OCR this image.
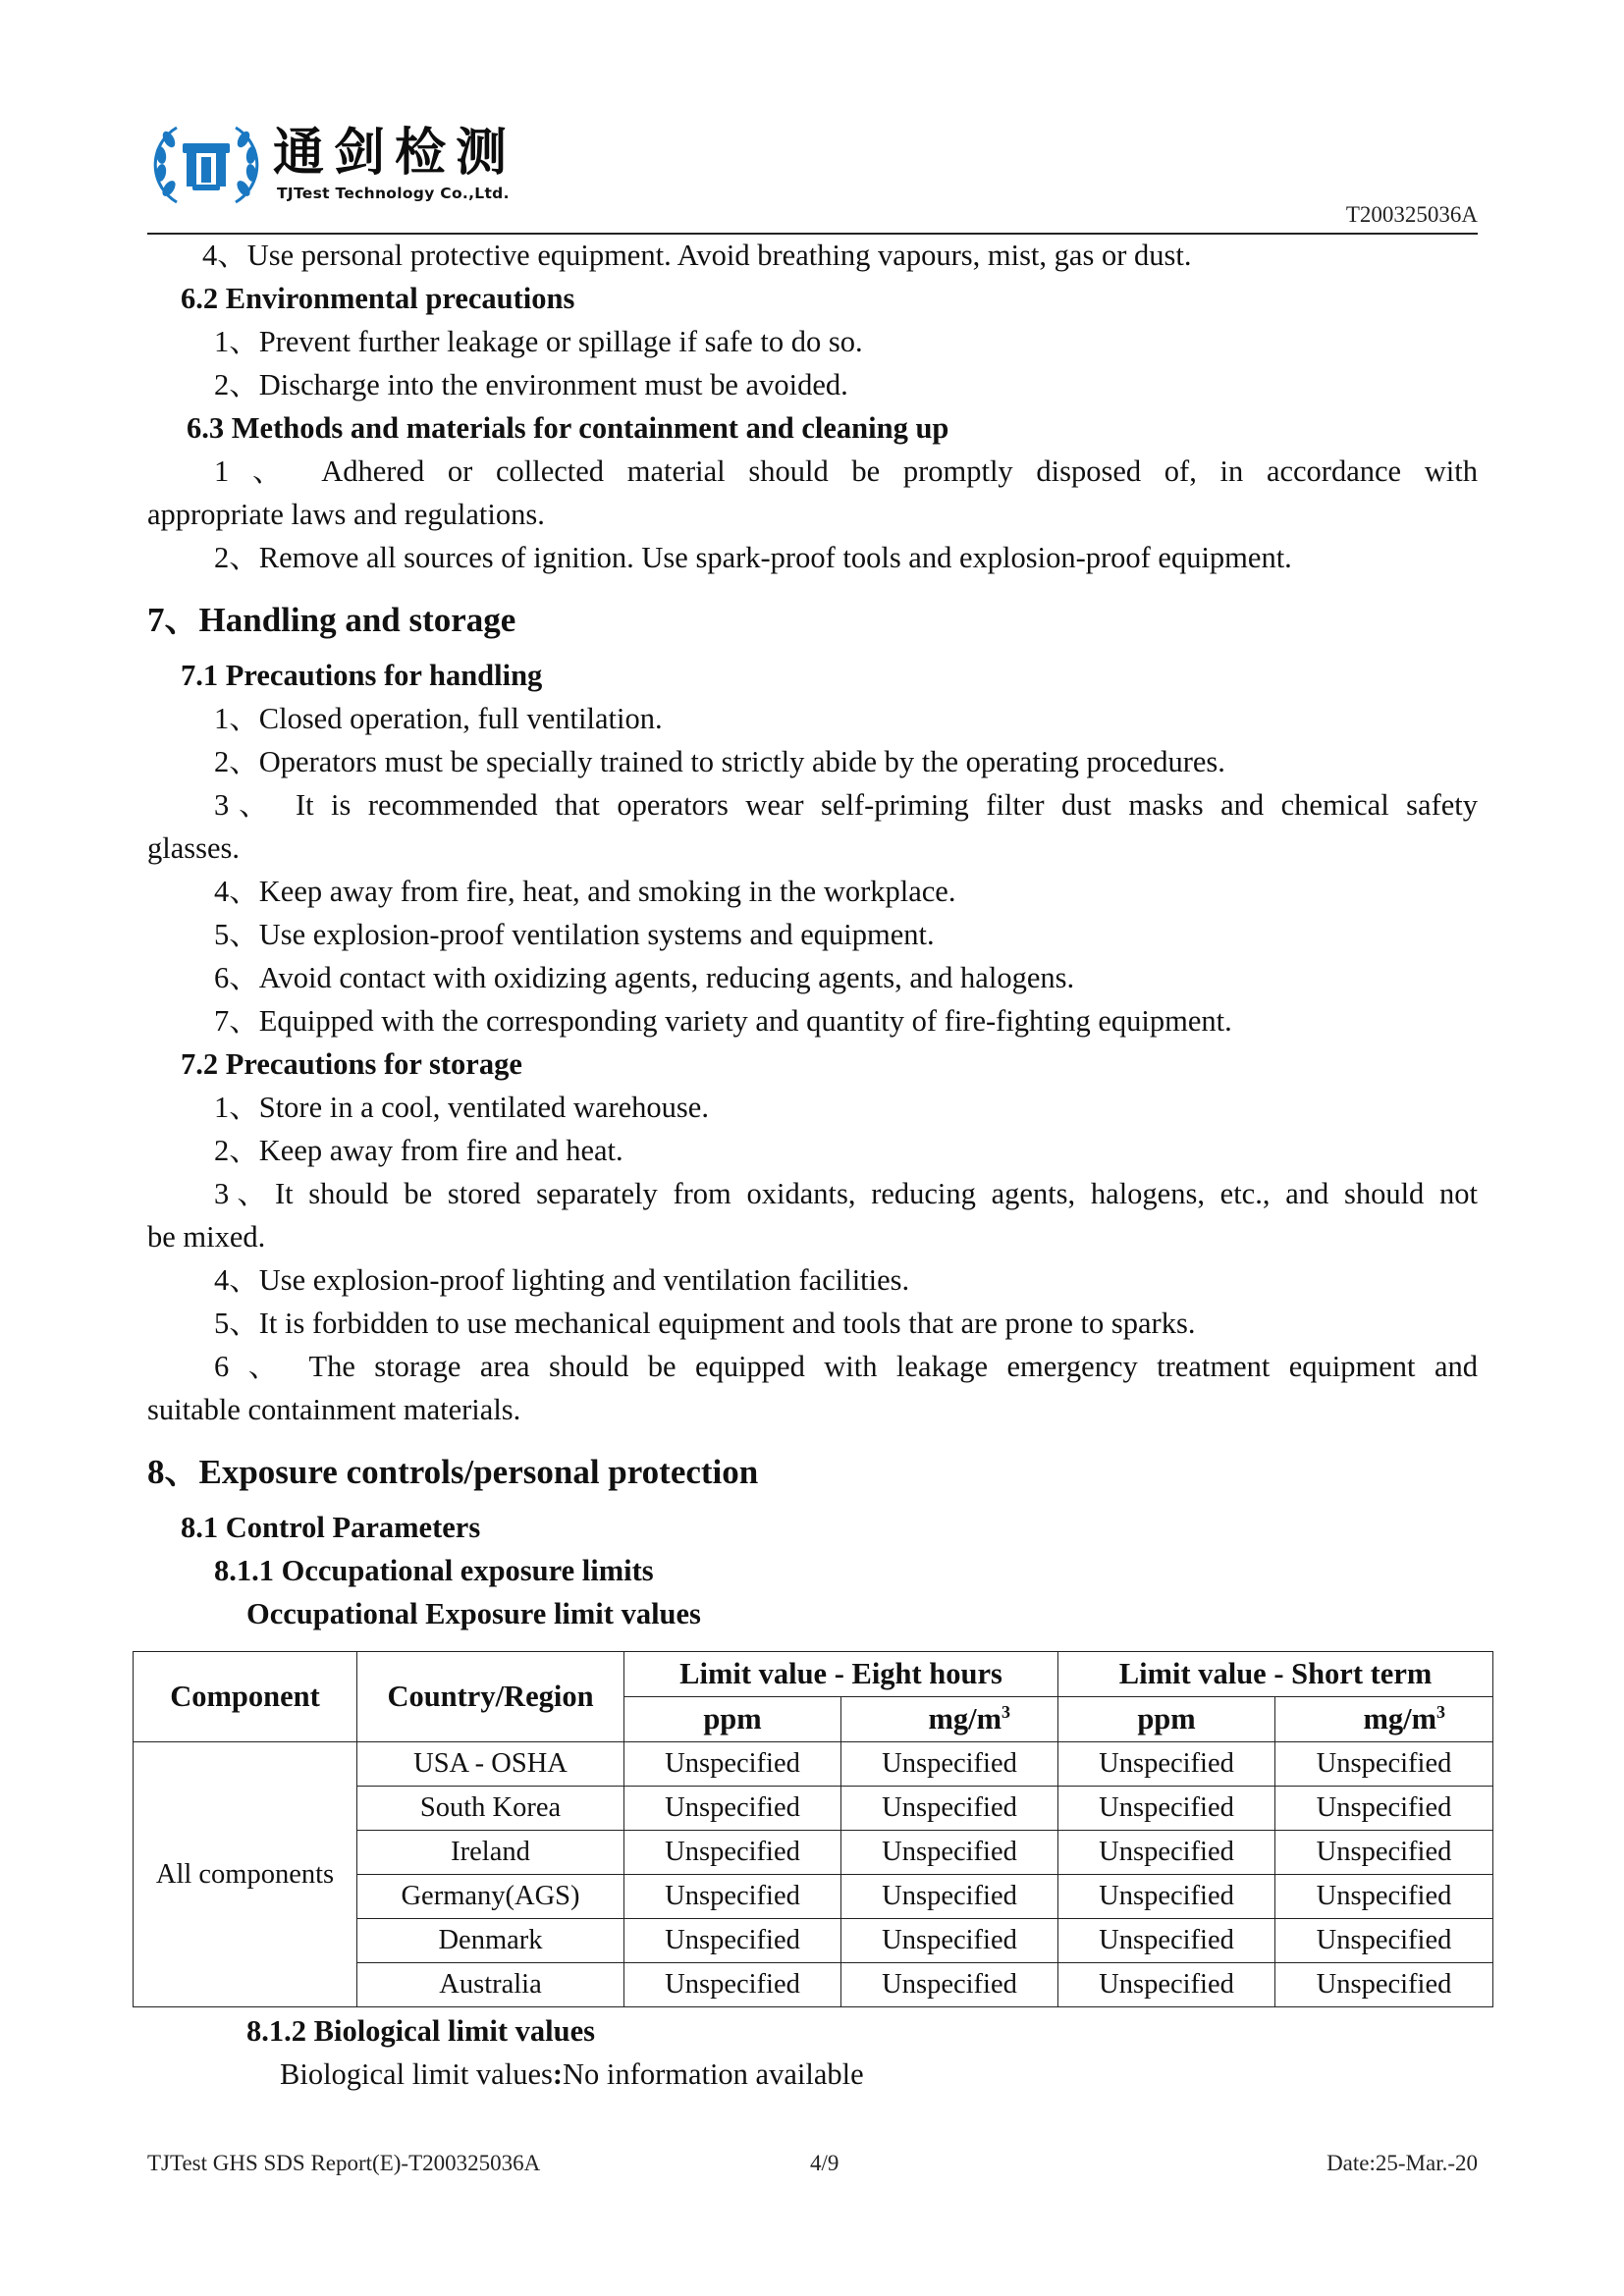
通剑检测
TJTest Technology Co.,Ltd.
T200325036A
4、Use personal protective equipment. Avoid breathing vapours, mist, gas or dust.
6.2 Environmental precautions
1、Prevent further leakage or spillage if safe to do so.
2、Discharge into the environment must be avoided.
6.3 Methods and materials for containment and cleaning up
1 、 Adhered or collected material should be promptly disposed of, in accordance with
appropriate laws and regulations.
2、Remove all sources of ignition. Use spark-proof tools and explosion-proof equipment.
7、Handling and storage
7.1 Precautions for handling
1、Closed operation, full ventilation.
2、Operators must be specially trained to strictly abide by the operating procedures.
3、 It is recommended that operators wear self-priming filter dust masks and chemical safety
glasses.
4、Keep away from fire, heat, and smoking in the workplace.
5、Use explosion-proof ventilation systems and equipment.
6、Avoid contact with oxidizing agents, reducing agents, and halogens.
7、Equipped with the corresponding variety and quantity of fire-fighting equipment.
7.2 Precautions for storage
1、Store in a cool, ventilated warehouse.
2、Keep away from fire and heat.
3、It should be stored separately from oxidants, reducing agents, halogens, etc., and should not
be mixed.
4、Use explosion-proof lighting and ventilation facilities.
5、It is forbidden to use mechanical equipment and tools that are prone to sparks.
6 、 The storage area should be equipped with leakage emergency treatment equipment and
suitable containment materials.
8、Exposure controls/personal protection
8.1 Control Parameters
8.1.1 Occupational exposure limits
Occupational Exposure limit values
Component	Country/Region	Limit value - Eight hours		Limit value - Short term	
		ppm	$mg/m^3$	ppm	$mg/m^3$
All components	USA - OSHA	Unspecified	Unspecified	Unspecified	Unspecified
	South Korea	Unspecified	Unspecified	Unspecified	Unspecified
	Ireland	Unspecified	Unspecified	Unspecified	Unspecified
	Germany(AGS)	Unspecified	Unspecified	Unspecified	Unspecified
	Denmark	Unspecified	Unspecified	Unspecified	Unspecified
	Australia	Unspecified	Unspecified	Unspecified	Unspecified
8.1.2 Biological limit values
Biological limit values:No information available
TJTest GHS SDS Report(E)-T200325036A	4/9	Date:25-Mar.-20
